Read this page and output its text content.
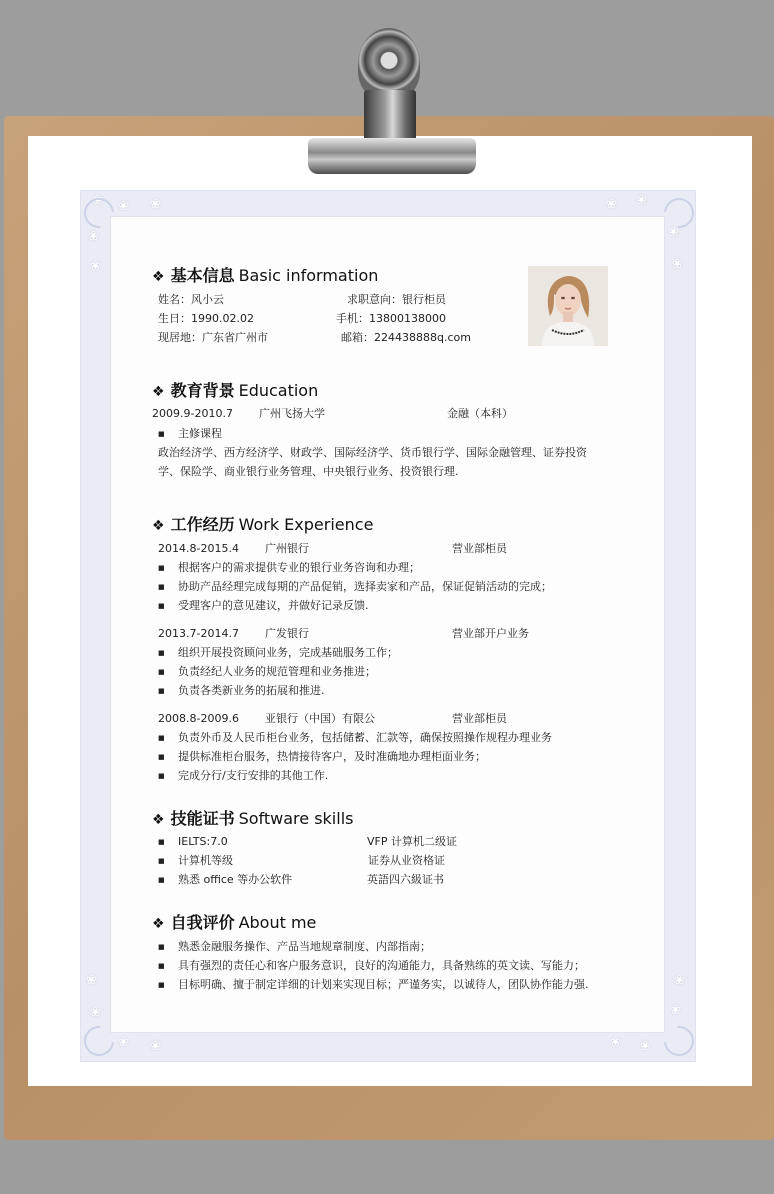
❀ ❀ ❀
❀
❀
❀ ❀
❀
❀
❀
❀
❀ ❀	❀ ❀
❀
❀
❖ 基本信息 Basic information
姓名：风小云	求职意向：银行柜员
生日：1990.02.02	手机：13800138000
现居地：广东省广州市	邮箱：224438888q.com
❖ 教育背景 Education
2009.9-2010.7 广州飞扬大学	金融（本科）
■ 主修课程
政治经济学、西方经济学、财政学、国际经济学、货币银行学、国际金融管理、证券投资
学、保险学、商业银行业务管理、中央银行业务、投资银行理.
❖ 工作经历 Work Experience
2014.8-2015.4 广州银行	营业部柜员
■ 根据客户的需求提供专业的银行业务咨询和办理；
■ 协助产品经理完成每期的产品促销，选择卖家和产品，保证促销活动的完成；
■ 受理客户的意见建议，并做好记录反馈.
2013.7-2014.7 广发银行	营业部开户业务
■ 组织开展投资顾问业务，完成基础服务工作；
■ 负责经纪人业务的规范管理和业务推进；
■ 负责各类新业务的拓展和推进.
2008.8-2009.6 亚银行（中国）有限公	营业部柜员
■ 负责外币及人民币柜台业务，包括储蓄、汇款等，确保按照操作规程办理业务
■ 提供标准柜台服务，热情接待客户，及时准确地办理柜面业务；
■ 完成分行/支行安排的其他工作.
❖ 技能证书 Software skills
■ IELTS:7.0	VFP 计算机二级证
■ 计算机等级	证券从业资格证
■ 熟悉 office 等办公软件	英語四六級证书
❖ 自我评价 About me
■ 熟悉金融服务操作、产品当地规章制度、内部指南；
■ 具有强烈的责任心和客户服务意识，良好的沟通能力，具备熟练的英文读、写能力；
■ 目标明确、擅于制定详细的计划来实现目标；严谨务实，以诚待人，团队协作能力强.
